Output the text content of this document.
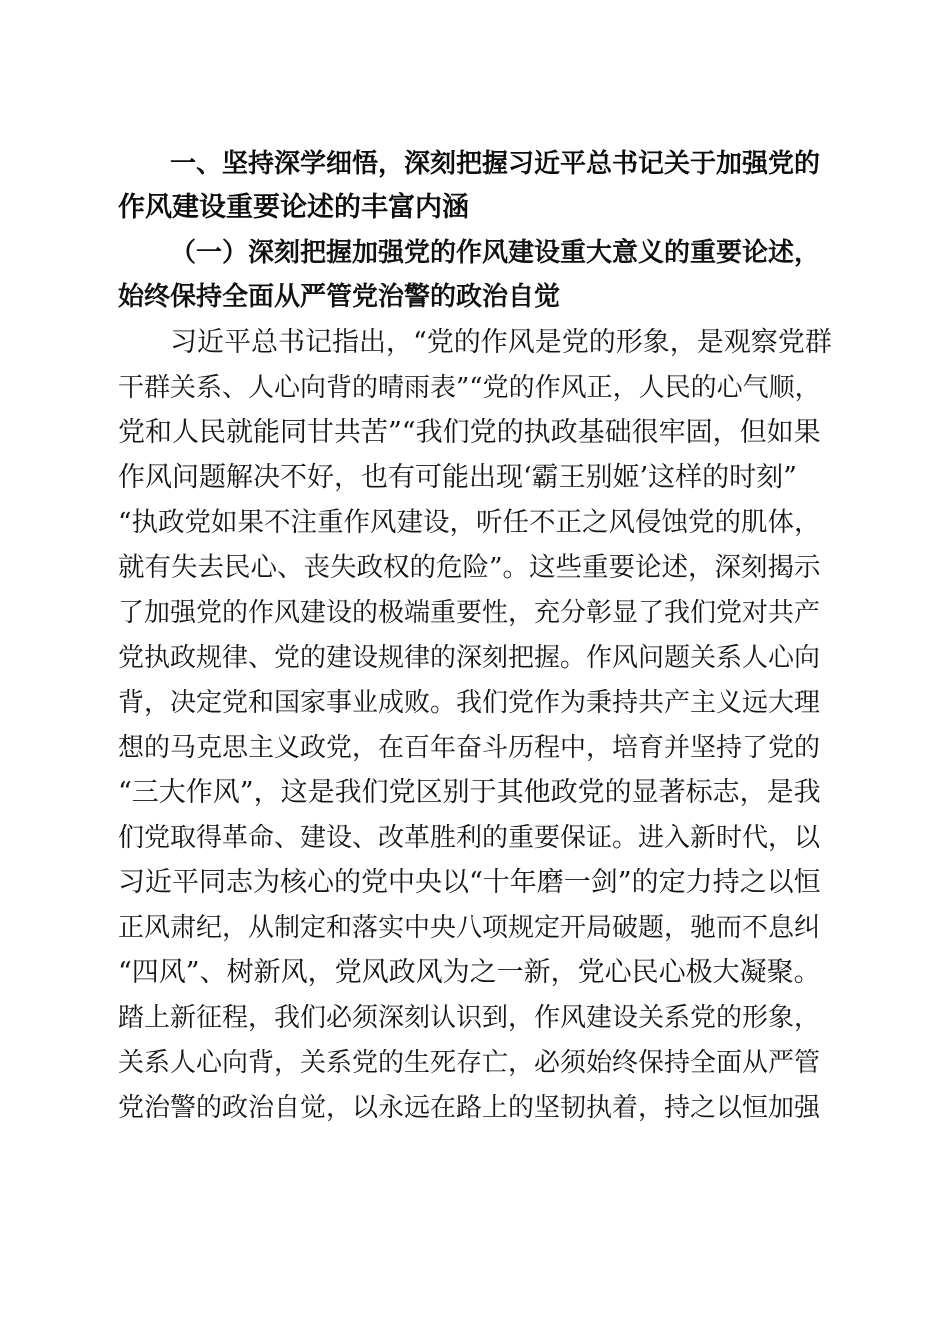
一、坚持深学细悟，深刻把握习近平总书记关于加强党的
作风建设重要论述的丰富内涵
（一）深刻把握加强党的作风建设重大意义的重要论述，
始终保持全面从严管党治警的政治自觉
习近平总书记指出，“党的作风是党的形象，是观察党群
干群关系、人心向背的晴雨表”“党的作风正，人民的心气顺，
党和人民就能同甘共苦”“我们党的执政基础很牢固，但如果
作风问题解决不好，也有可能出现‘霸王别姬’这样的时刻”
“执政党如果不注重作风建设，听任不正之风侵蚀党的肌体，
就有失去民心、丧失政权的危险”。这些重要论述，深刻揭示
了加强党的作风建设的极端重要性，充分彰显了我们党对共产
党执政规律、党的建设规律的深刻把握。作风问题关系人心向
背，决定党和国家事业成败。我们党作为秉持共产主义远大理
想的马克思主义政党，在百年奋斗历程中，培育并坚持了党的
“三大作风”，这是我们党区别于其他政党的显著标志，是我
们党取得革命、建设、改革胜利的重要保证。进入新时代，以
习近平同志为核心的党中央以“十年磨一剑”的定力持之以恒
正风肃纪，从制定和落实中央八项规定开局破题，驰而不息纠
“四风”、树新风，党风政风为之一新，党心民心极大凝聚。
踏上新征程，我们必须深刻认识到，作风建设关系党的形象，
关系人心向背，关系党的生死存亡，必须始终保持全面从严管
党治警的政治自觉，以永远在路上的坚韧执着，持之以恒加强
